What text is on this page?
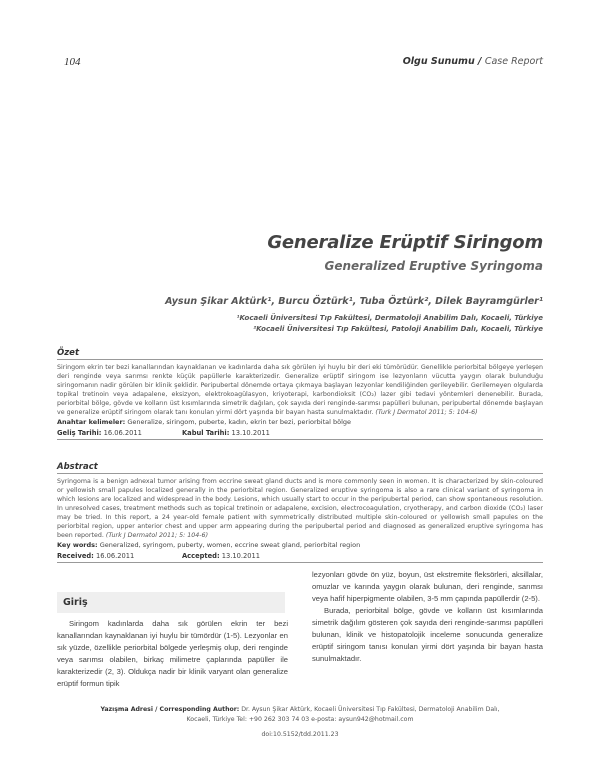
104	Olgu Sunumu / Case Report
Generalize Erüptif Siringom
Generalized Eruptive Syringoma
Aysun Şikar Aktürk¹, Burcu Öztürk¹, Tuba Öztürk², Dilek Bayramgürler¹
¹Kocaeli Üniversitesi Tıp Fakültesi, Dermatoloji Anabilim Dalı, Kocaeli, Türkiye
²Kocaeli Üniversitesi Tıp Fakültesi, Patoloji Anabilim Dalı, Kocaeli, Türkiye
Özet
Siringom ekrin ter bezi kanallarından kaynaklanan ve kadınlarda daha sık görülen iyi huylu bir deri eki tümörüdür. Genellikle periorbital bölgeye yerleşen deri renginde veya sarımsı renkte küçük papüllerle karakterizedir. Generalize erüptif siringom ise lezyonların vücutta yaygın olarak bulunduğu siringomanın nadir görülen bir klinik şeklidir. Peripubertal dönemde ortaya çıkmaya başlayan lezyonlar kendiliğinden gerileyebilir. Gerilemeyen olgularda topikal tretinoin veya adapalene, eksizyon, elektrokoagülasyon, kriyoterapi, karbondioksit (CO₂) lazer gibi tedavi yöntemleri denenebilir. Burada, periorbital bölge, gövde ve kolların üst kısımlarında simetrik dağılan, çok sayıda deri renginde-sarımsı papülleri bulunan, peripubertal dönemde başlayan ve generalize erüptif siringom olarak tanı konulan yirmi dört yaşında bir bayan hasta sunulmaktadır. (Turk J Dermatol 2011; 5: 104-6)
Anahtar kelimeler: Generalize, siringom, puberte, kadın, ekrin ter bezi, periorbital bölge
Geliş Tarihi: 16.06.2011	Kabul Tarihi: 13.10.2011
Abstract
Syringoma is a benign adnexal tumor arising from eccrine sweat gland ducts and is more commonly seen in women. It is characterized by skin-coloured or yellowish small papules localized generally in the periorbital region. Generalized eruptive syringoma is also a rare clinical variant of syringoma in which lesions are localized and widespread in the body. Lesions, which usually start to occur in the peripubertal period, can show spontaneous resolution. In unresolved cases, treatment methods such as topical tretinoin or adapalene, excision, electrocoagulation, cryotherapy, and carbon dioxide (CO₂) laser may be tried. In this report, a 24 year-old female patient with symmetrically distributed multiple skin-coloured or yellowish small papules on the periorbital region, upper anterior chest and upper arm appearing during the peripubertal period and diagnosed as generalized eruptive syringoma has been reported. (Turk J Dermatol 2011; 5: 104-6)
Key words: Generalized, syringom, puberty, women, eccrine sweat gland, periorbital region
Received: 16.06.2011	Accepted: 13.10.2011
Giriş

Siringom kadınlarda daha sık görülen ekrin ter bezi kanallarından kaynaklanan iyi huylu bir tümördür (1-5). Lezyonlar en sık yüzde, özellikle periorbital bölgede yerleşmiş olup, deri renginde veya sarımsı olabilen, birkaç milimetre çaplarında papüller ile karakterizedir (2, 3). Oldukça nadir bir klinik varyant olan generalize erüptif formun tipik

lezyonları gövde ön yüz, boyun, üst ekstremite fleksörleri, aksillalar, omuzlar ve karında yaygın olarak bulunan, deri renginde, sarımsı veya hafif hiperpigmente olabilen, 3-5 mm çapında papüllerdir (2-5).

Burada, periorbital bölge, gövde ve kolların üst kısımlarında simetrik dağılım gösteren çok sayıda deri renginde-sarımsı papülleri bulunan, klinik ve histopatolojik inceleme sonucunda generalize erüptif siringom tanısı konulan yirmi dört yaşında bir bayan hasta sunulmaktadır.

Yazışma Adresi / Corresponding Author: Dr. Aysun Şikar Aktürk, Kocaeli Üniversitesi Tıp Fakültesi, Dermatoloji Anabilim Dalı,
Kocaeli, Türkiye Tel: +90 262 303 74 03 e-posta: aysun942@hotmail.com
doi:10.5152/tdd.2011.23
